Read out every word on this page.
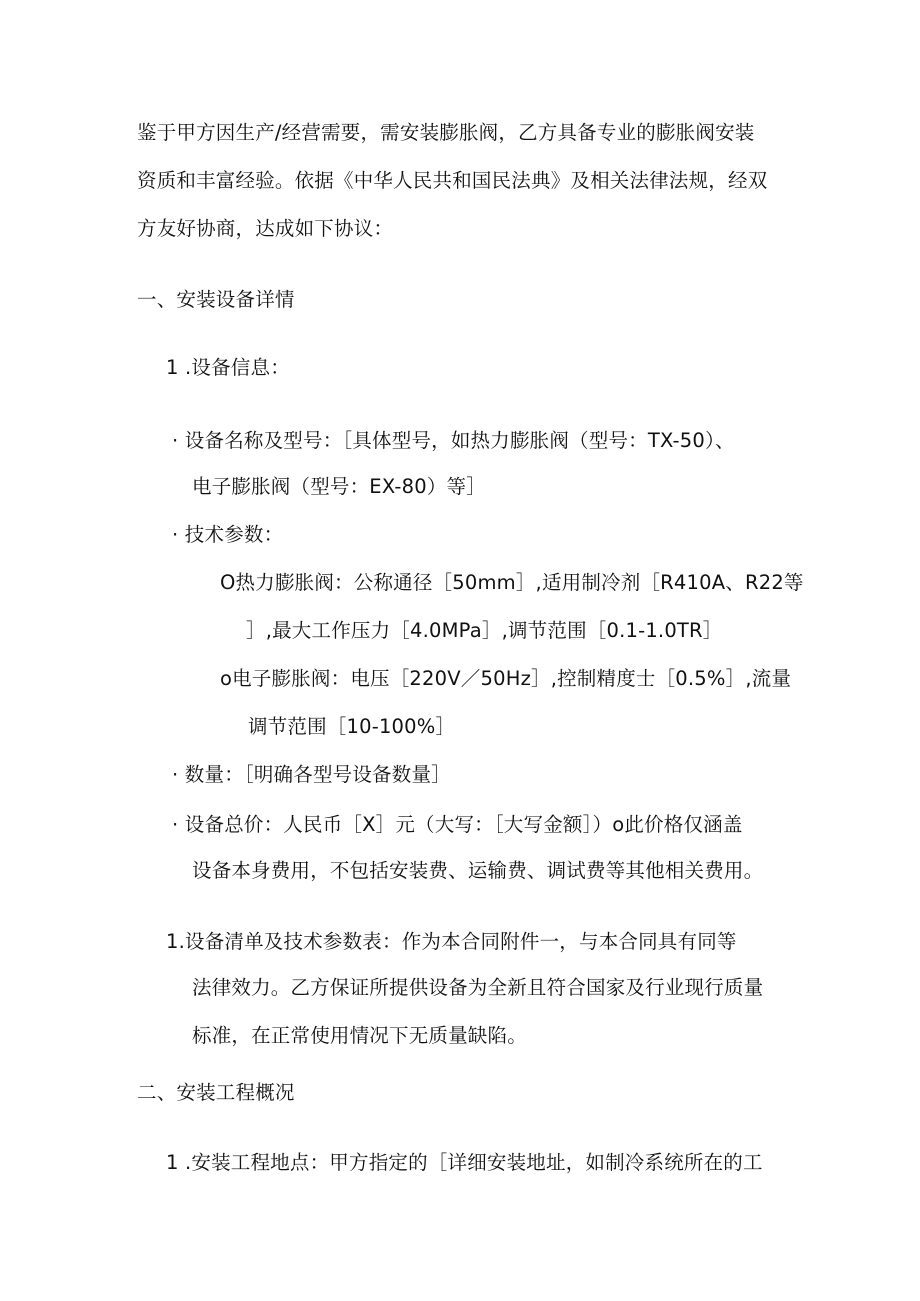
鉴于甲方因生产/经营需要，需安装膨胀阀，乙方具备专业的膨胀阀安装
资质和丰富经验。依据《中华人民共和国民法典》及相关法律法规，经双
方友好协商，达成如下协议：
一、安装设备详情
1 .设备信息：
· 设备名称及型号：［具体型号，如热力膨胀阀（型号：TX-50）、
电子膨胀阀（型号：EX-80）等］
· 技术参数：
O热力膨胀阀：公称通径［50mm］,适用制冷剂［R410A、R22等
］,最大工作压力［4.0MPa］,调节范围［0.1-1.0TR］
o电子膨胀阀：电压［220V／50Hz］,控制精度士［0.5%］,流量
调节范围［10-100%］
· 数量：［明确各型号设备数量］
· 设备总价：人民币［X］元（大写：［大写金额］）o此价格仅涵盖
设备本身费用，不包括安装费、运输费、调试费等其他相关费用。
1.设备清单及技术参数表：作为本合同附件一，与本合同具有同等
法律效力。乙方保证所提供设备为全新且符合国家及行业现行质量
标准，在正常使用情况下无质量缺陷。
二、安装工程概况
1 .安装工程地点：甲方指定的［详细安装地址，如制冷系统所在的工
